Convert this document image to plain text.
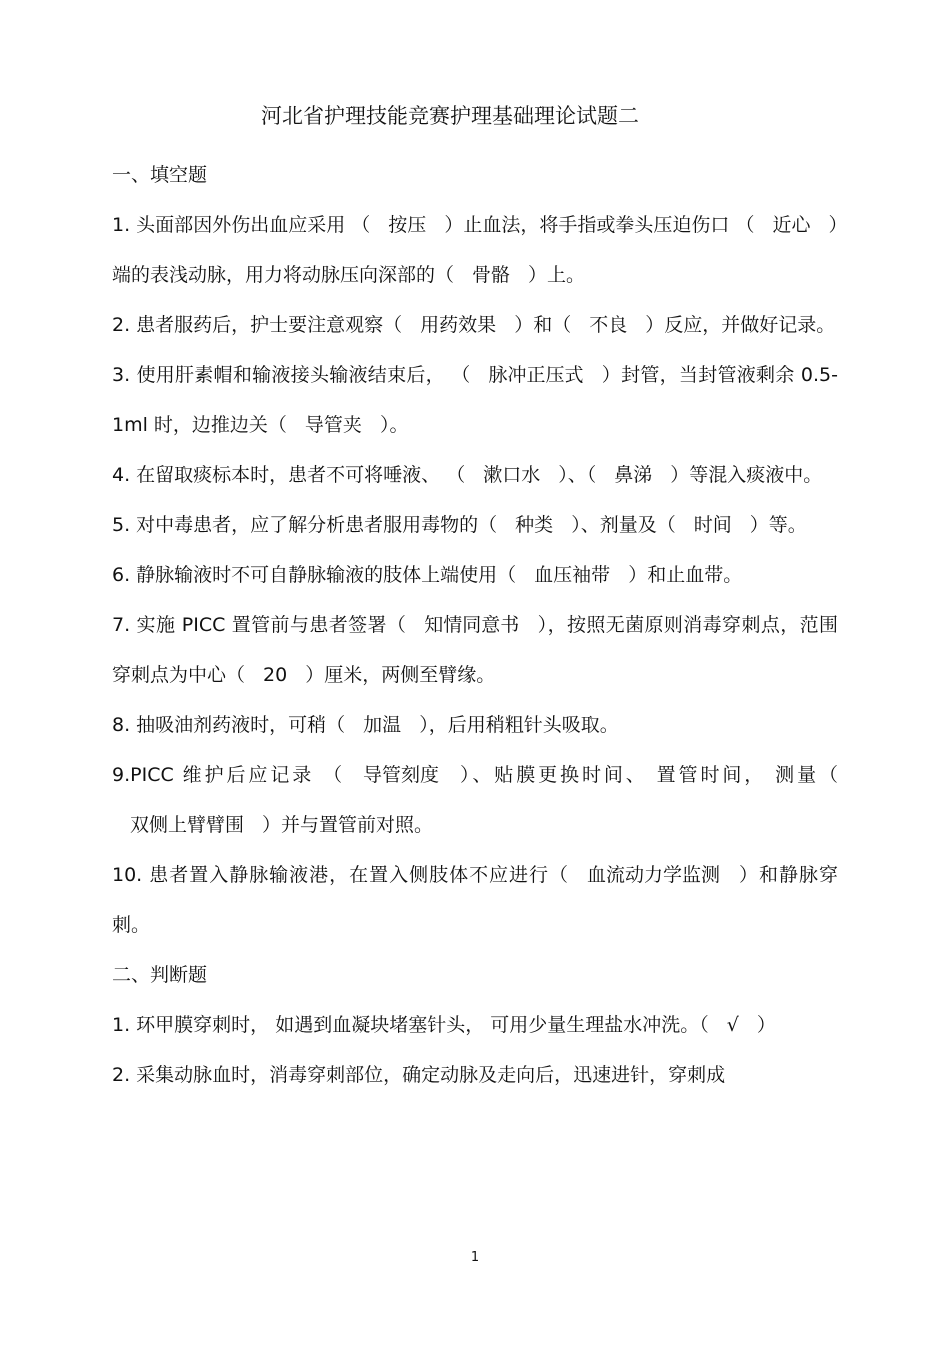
河北省护理技能竞赛护理基础理论试题二

一、填空题

1. 头面部因外伤出血应采用 （ 按压 ）止血法，将手指或拳头压迫伤口 （ 近心 ）端的表浅动脉，用力将动脉压向深部的（ 骨骼 ）上。

2. 患者服药后，护士要注意观察（ 用药效果 ）和（ 不良 ）反应，并做好记录。

3. 使用肝素帽和输液接头输液结束后， （ 脉冲正压式 ）封管，当封管液剩余 0.5-1ml 时，边推边关（ 导管夹 ）。

4. 在留取痰标本时，患者不可将唾液、 （ 漱口水 ）、（ 鼻涕 ）等混入痰液中。

5. 对中毒患者，应了解分析患者服用毒物的（ 种类 ）、剂量及（ 时间 ）等。

6. 静脉输液时不可自静脉输液的肢体上端使用（ 血压袖带 ）和止血带。

7. 实施 PICC 置管前与患者签署（ 知情同意书 ），按照无菌原则消毒穿刺点，范围穿刺点为中心（ 20 ）厘米，两侧至臂缘。

8. 抽吸油剂药液时，可稍（ 加温 ），后用稍粗针头吸取。

9.PICC 维护后应记录 （ 导管刻度 ）、贴膜更换时间、 置管时间， 测量（双侧上臂臂围 ）并与置管前对照。

10. 患者置入静脉输液港，在置入侧肢体不应进行（ 血流动力学监测 ）和静脉穿刺。

二、判断题

1. 环甲膜穿刺时， 如遇到血凝块堵塞针头， 可用少量生理盐水冲洗。（ √ ）

2. 采集动脉血时，消毒穿刺部位，确定动脉及走向后，迅速进针，穿刺成

1
